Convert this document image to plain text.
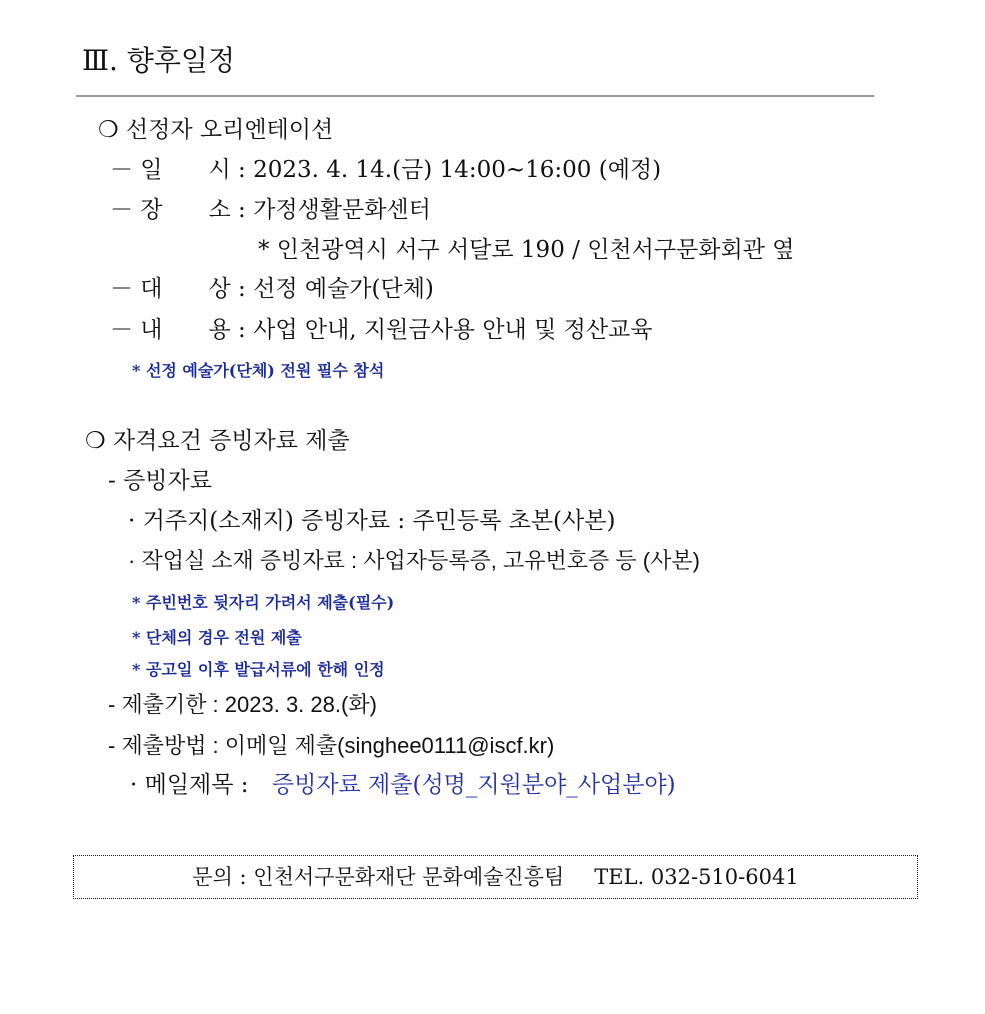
Ⅲ. 향후일정
❍ 선정자 오리엔테이션
－ 일　　시 : 2023. 4. 14.(금) 14:00~16:00 (예정)
－ 장　　소 : 가정생활문화센터
* 인천광역시 서구 서달로 190 / 인천서구문화회관 옆
－ 대　　상 : 선정 예술가(단체)
－ 내　　용 : 사업 안내, 지원금사용 안내 및 정산교육
* 선정 예술가(단체) 전원 필수 참석
❍ 자격요건 증빙자료 제출
- 증빙자료
· 거주지(소재지) 증빙자료 : 주민등록 초본(사본)
· 작업실 소재 증빙자료 : 사업자등록증, 고유번호증 등 (사본)
* 주빈번호 뒷자리 가려서 제출(필수)
* 단체의 경우 전원 제출
* 공고일 이후 발급서류에 한해 인정
- 제출기한 : 2023. 3. 28.(화)
- 제출방법 : 이메일 제출(singhee0111@iscf.kr)
· 메일제목 : 증빙자료 제출(성명_지원분야_사업분야)
문의 : 인천서구문화재단 문화예술진흥팀 TEL. 032-510-6041
